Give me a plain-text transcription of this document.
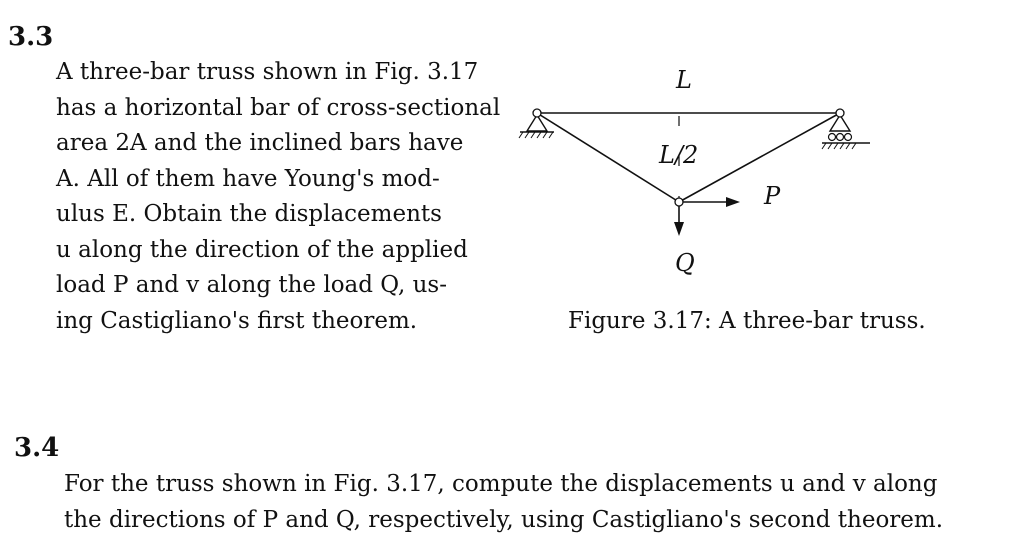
3.3
A three-bar truss shown in Fig. 3.17
has a horizontal bar of cross-sectional
area 2A and the inclined bars have
A. All of them have Young's mod-
ulus E. Obtain the displacements
u along the direction of the applied
load P and v along the load Q, us-
ing Castigliano's first theorem.
L
L/2
P
Q
Figure 3.17: A three-bar truss.
3.4
For the truss shown in Fig. 3.17, compute the displacements u and v along
the directions of P and Q, respectively, using Castigliano's second theorem.
